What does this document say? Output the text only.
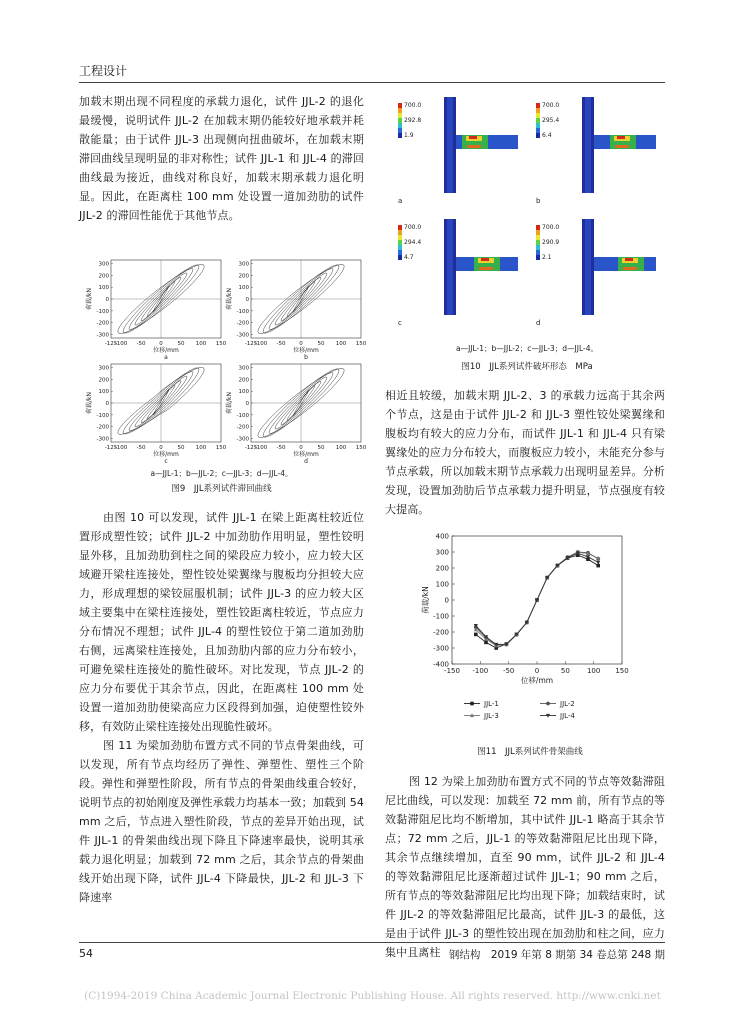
工程设计

加载末期出现不同程度的承载力退化，试件 JJL-2 的退化最缓慢，说明试件 JJL-2 在加载末期仍能较好地承载并耗散能量；由于试件 JJL-3 出现侧向扭曲破坏，在加载末期滞回曲线呈现明显的非对称性；试件 JJL-1 和 JJL-4 的滞回曲线最为接近，曲线对称良好，加载末期承载力退化明显。因此，在距离柱 100 mm 处设置一道加劲肋的试件 JJL-2 的滞回性能优于其他节点。

300
200
100
0
-100
-200
-300
-125
-100 -50	0	50 100 150
位移/mm
荷载/kN
a
300
200
100
0
-100
-200
-300
-125
-100 -50	0	50 100 150
位移/mm
荷载/kN
b
300
200
100
0
-100
-200
-300
-125
-100 -50	0	50 100 150
位移/mm
荷载/kN
c
300
200
100
0
-100
-200
-300
-125
-100 -50	0	50 100 150
位移/mm
荷载/kN
d
a—JJL-1；b—JJL-2；c—JJL-3；d—JJL-4。
图9　JJL系列试件滞回曲线

由图 10 可以发现，试件 JJL-1 在梁上距离柱较近位置形成塑性铰；试件 JJL-2 中加劲肋作用明显，塑性铰明显外移，且加劲肋到柱之间的梁段应力较小，应力较大区域避开梁柱连接处，塑性铰处梁翼缘与腹板均分担较大应力，形成理想的梁铰屈服机制；试件 JJL-3 的应力较大区域主要集中在梁柱连接处，塑性铰距离柱较近，节点应力分布情况不理想；试件 JJL-4 的塑性铰位于第二道加劲肋右侧，远离梁柱连接处，且加劲肋内部的应力分布较小，可避免梁柱连接处的脆性破坏。对比发现，节点 JJL-2 的应力分布要优于其余节点，因此，在距离柱 100 mm 处设置一道加劲肋使梁高应力区段得到加强，迫使塑性铰外移，有效防止梁柱连接处出现脆性破坏。

图 11 为梁加劲肋布置方式不同的节点骨架曲线，可以发现，所有节点均经历了弹性、弹塑性、塑性三个阶段。弹性和弹塑性阶段，所有节点的骨架曲线重合较好，说明节点的初始刚度及弹性承载力均基本一致；加载到 54 mm 之后，节点进入塑性阶段，节点的差异开始出现，试件 JJL-1 的骨架曲线出现下降且下降速率最快，说明其承载力退化明显；加载到 72 mm 之后，其余节点的骨架曲线开始出现下降，试件 JJL-4 下降最快，JJL-2 和 JJL-3 下降速率

700.0
292.8
1.9
a
700.0
295.4
6.4
b
700.0
294.4
4.7
c
700.0
290.9
2.1
d
a—JJL-1；b—JJL-2；c—JJL-3；d—JJL-4。
图10　JJL系列试件破坏形态　MPa

相近且较缓，加载末期 JJL-2、3 的承载力远高于其余两个节点，这是由于试件 JJL-2 和 JJL-3 塑性铰处梁翼缘和腹板均有较大的应力分布，而试件 JJL-1 和 JJL-4 只有梁翼缘处的应力分布较大，而腹板应力较小，未能充分参与节点承载，所以加载末期节点承载力出现明显差异。分析发现，设置加劲肋后节点承载力提升明显，节点强度有较大提高。

400
300
200
100
0
-100
-200
-300
-400
-150 -100 -50	0	50 100 150
位移/mm
荷载/kN
JJL-1	JJL-2
JJL-3	JJL-4
图11　JJL系列试件骨架曲线

图 12 为梁上加劲肋布置方式不同的节点等效黏滞阻尼比曲线，可以发现：加载至 72 mm 前，所有节点的等效黏滞阻尼比均不断增加，其中试件 JJL-1 略高于其余节点；72 mm 之后，JJL-1 的等效黏滞阻尼比出现下降，其余节点继续增加，直至 90 mm，试件 JJL-2 和 JJL-4 的等效黏滞阻尼比逐渐超过试件 JJL-1；90 mm 之后，所有节点的等效黏滞阻尼比均出现下降；加载结束时，试件 JJL-2 的等效黏滞阻尼比最高，试件 JJL-3 的最低，这是由于试件 JJL-3 的塑性铰出现在加劲肋和柱之间，应力集中且离柱

54	钢结构　2019 年第 8 期第 34 卷总第 248 期
(C)1994-2019 China Academic Journal Electronic Publishing House. All rights reserved. http://www.cnki.net
